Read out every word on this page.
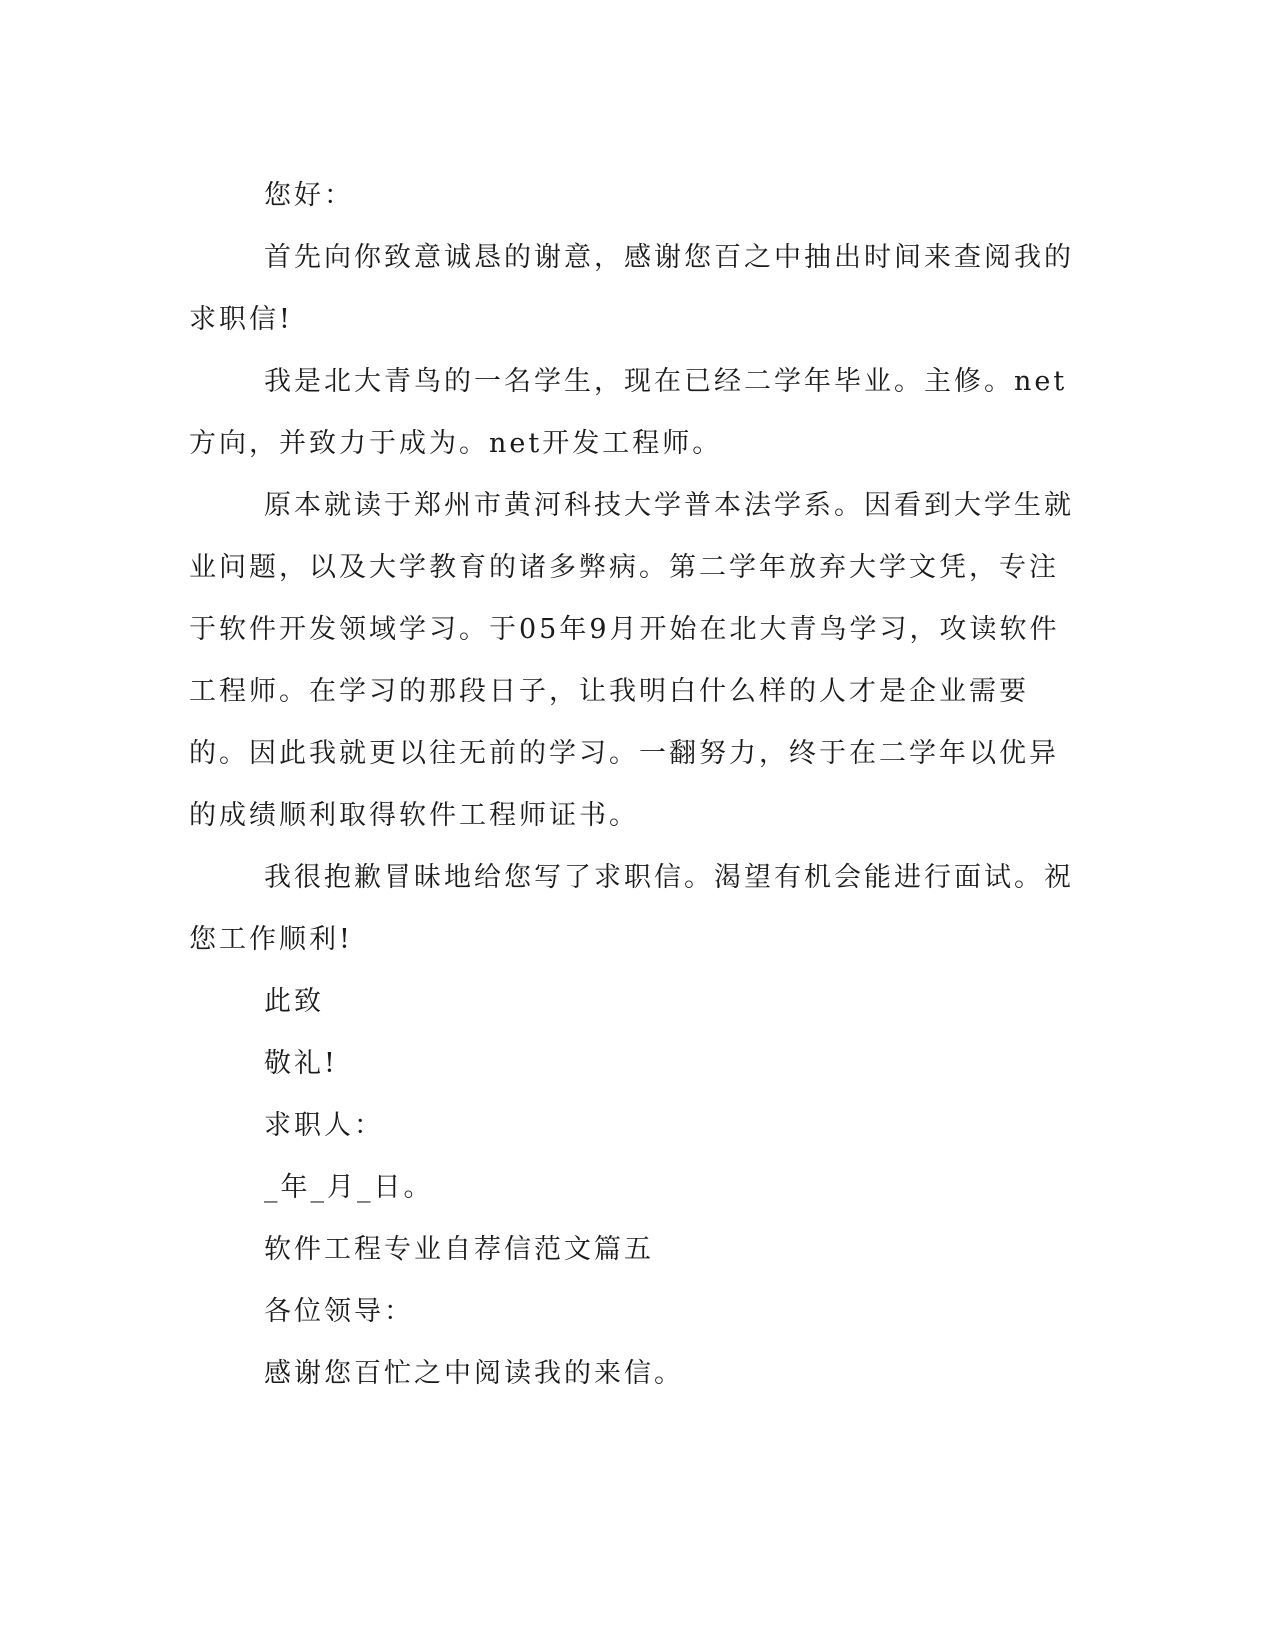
您好：

首先向你致意诚恳的谢意，感谢您百之中抽出时间来查阅我的求职信!

我是北大青鸟的一名学生，现在已经二学年毕业。主修。net方向，并致力于成为。net开发工程师。

原本就读于郑州市黄河科技大学普本法学系。因看到大学生就业问题，以及大学教育的诸多弊病。第二学年放弃大学文凭，专注于软件开发领域学习。于05年9月开始在北大青鸟学习，攻读软件工程师。在学习的那段日子，让我明白什么样的人才是企业需要的。因此我就更以往无前的学习。一翻努力，终于在二学年以优异的成绩顺利取得软件工程师证书。

我很抱歉冒昧地给您写了求职信。渴望有机会能进行面试。祝您工作顺利!

此致

敬礼!

求职人：

_年_月_日。

软件工程专业自荐信范文篇五

各位领导：

感谢您百忙之中阅读我的来信。
